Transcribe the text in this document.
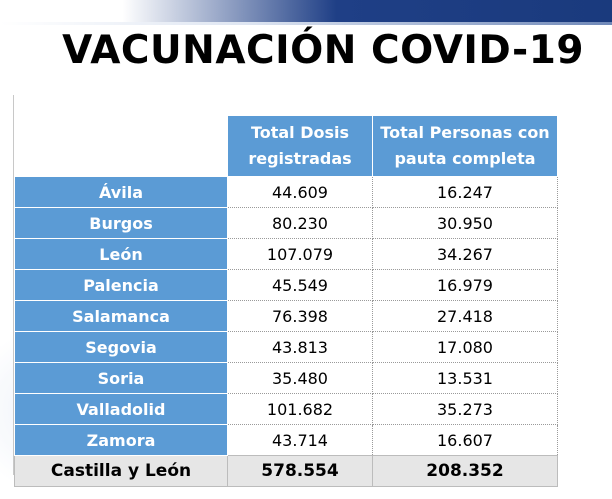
VACUNACIÓN COVID-19
	Total Dosis registradas	Total Personas con pauta completa
Ávila	44.609	16.247
Burgos	80.230	30.950
León	107.079	34.267
Palencia	45.549	16.979
Salamanca	76.398	27.418
Segovia	43.813	17.080
Soria	35.480	13.531
Valladolid	101.682	35.273
Zamora	43.714	16.607
Castilla y León	578.554	208.352
